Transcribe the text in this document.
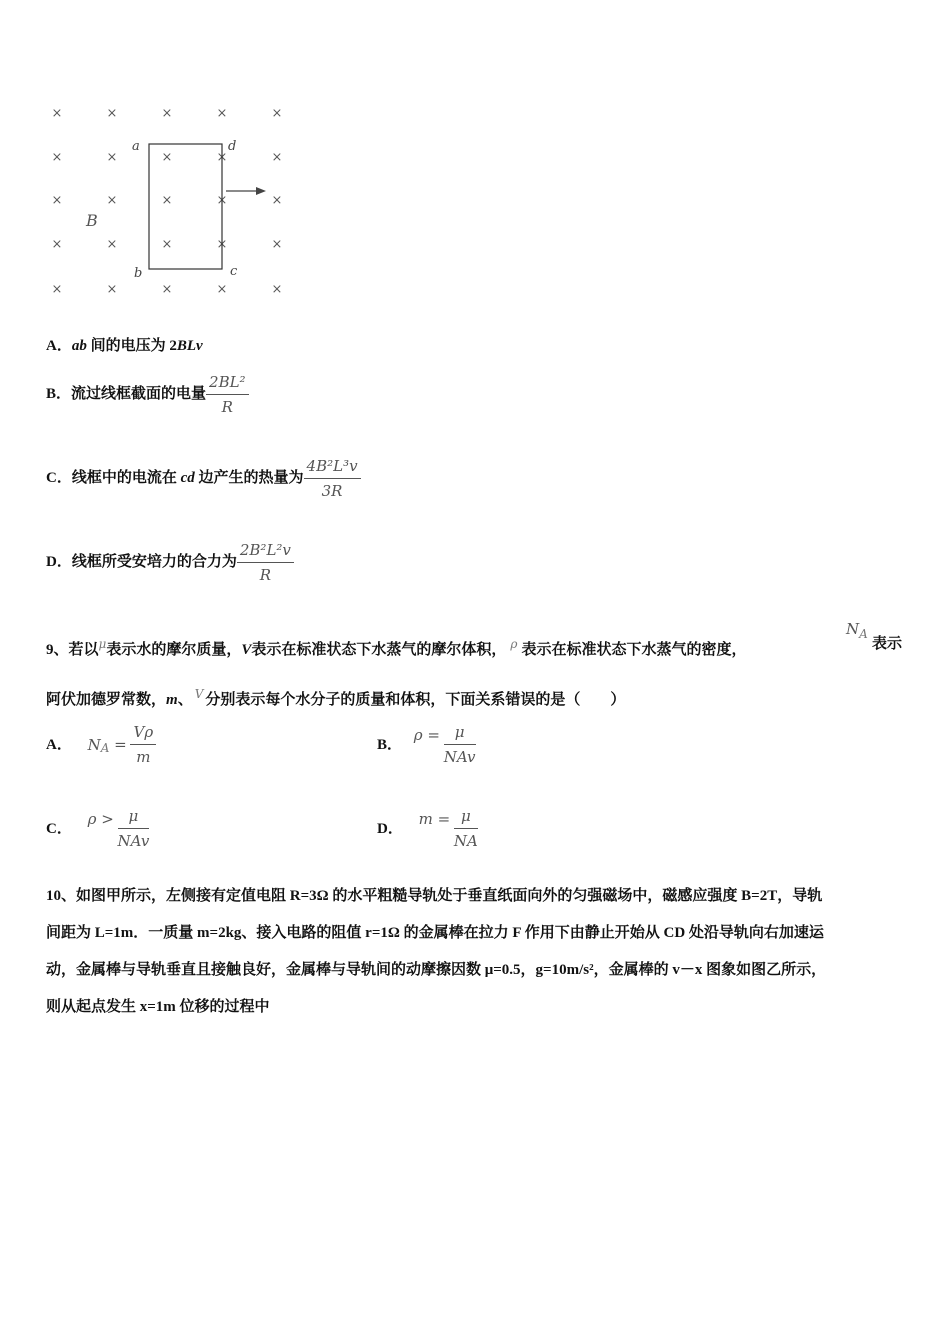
×	×	×	×	×
×	×	×	×	×
×	×	×	×	×
×	×	×	×	×
×	×	×	×	×
B
a	d
b	c
A．ab 间的电压为 2BLv
B．流过线框截面的电量 $\frac{\text{2BL²}}{R}$
C．线框中的电流在 cd 边产生的热量为 $\frac{\text{4B²L³v}}{3R}$
D．线框所受安培力的合力为 $\frac{\text{2B²L²v}}{R}$
9、若以$^\mu$表示水的摩尔质量，V表示在标准状态下水蒸气的摩尔体积， $^\rho$ 表示在标准状态下水蒸气的密度，
$N_A$
表示
阿伏加德罗常数，m、 $^V$ 分别表示每个水分子的质量和体积，下面关系错误的是（　　）
A． $N_A = \frac{V\rho}{m}$	B． $\rho = \frac{\mu}{\text{NAv}}$
C． $\rho > \frac{\mu}{\text{NAv}}$	D． $m = \frac{\mu}{NA}$
10、如图甲所示，左侧接有定值电阻 R=3Ω 的水平粗糙导轨处于垂直纸面向外的匀强磁场中，磁感应强度 B=2T，导轨
间距为 L=1m．一质量 m=2kg、接入电路的阻值 r=1Ω 的金属棒在拉力 F 作用下由静止开始从 CD 处沿导轨向右加速运
动，金属棒与导轨垂直且接触良好，金属棒与导轨间的动摩擦因数 μ=0.5，g=10m/s²，金属棒的 v－x 图象如图乙所示，
则从起点发生 x=1m 位移的过程中
